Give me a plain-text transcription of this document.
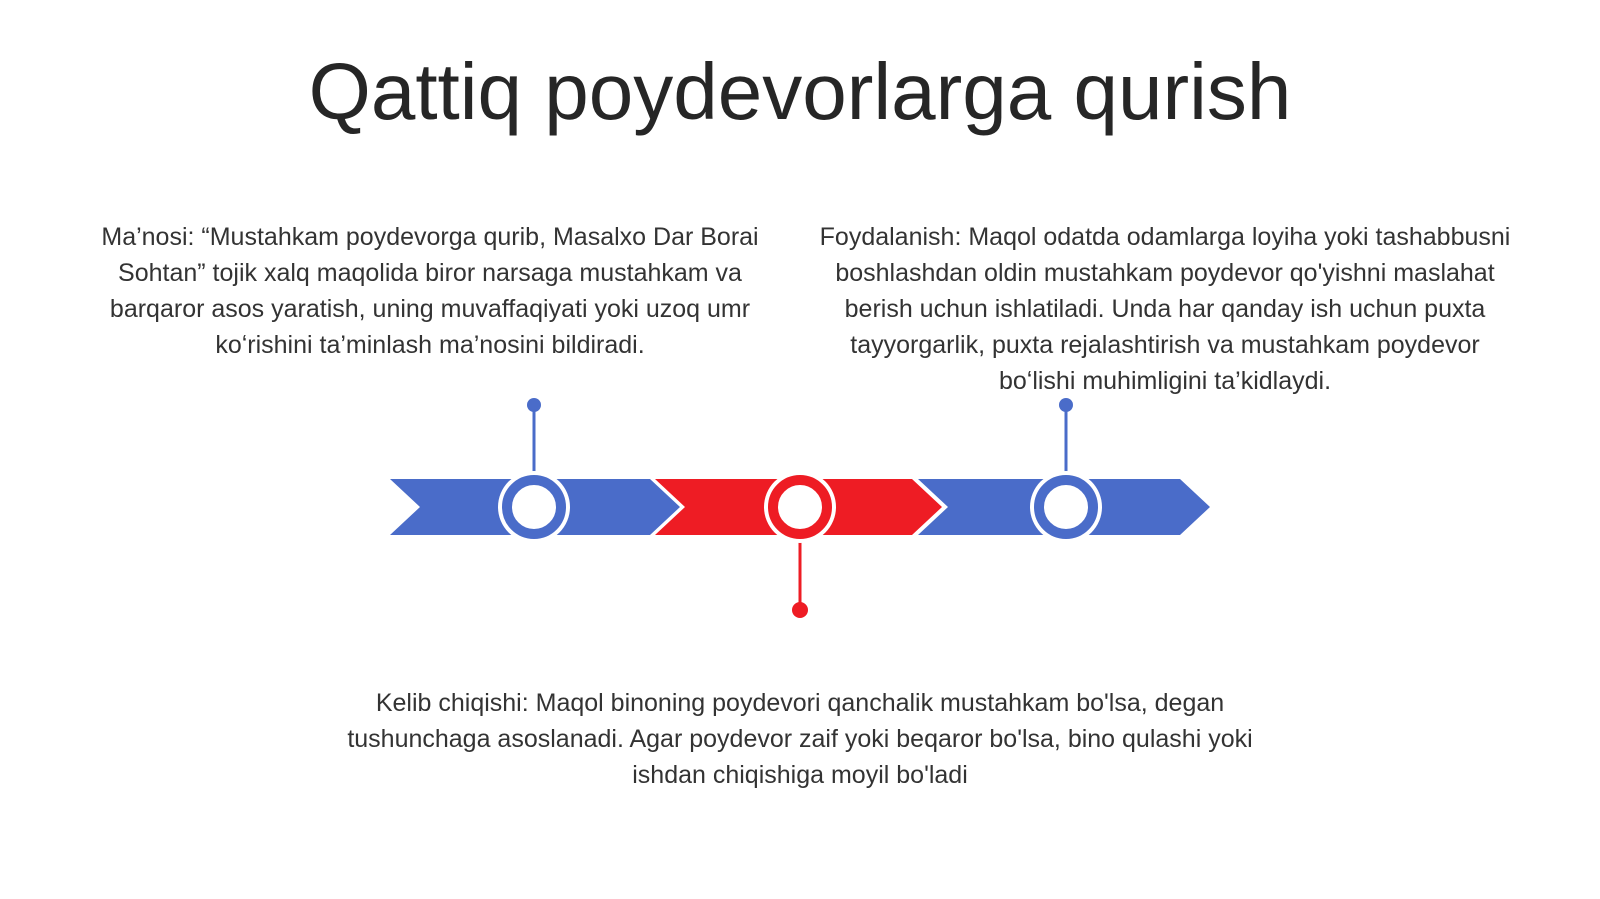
Qattiq poydevorlarga qurish

Ma’nosi: “Mustahkam poydevorga qurib, Masalxo Dar Borai Sohtan” tojik xalq maqolida biror narsaga mustahkam va barqaror asos yaratish, uning muvaffaqiyati yoki uzoq umr koʻrishini ta’minlash ma’nosini bildiradi.

Foydalanish: Maqol odatda odamlarga loyiha yoki tashabbusni boshlashdan oldin mustahkam poydevor qo'yishni maslahat berish uchun ishlatiladi. Unda har qanday ish uchun puxta tayyorgarlik, puxta rejalashtirish va mustahkam poydevor boʻlishi muhimligini ta’kidlaydi.

Kelib chiqishi: Maqol binoning poydevori qanchalik mustahkam bo'lsa, degan tushunchaga asoslanadi. Agar poydevor zaif yoki beqaror bo'lsa, bino qulashi yoki ishdan chiqishiga moyil bo'ladi
